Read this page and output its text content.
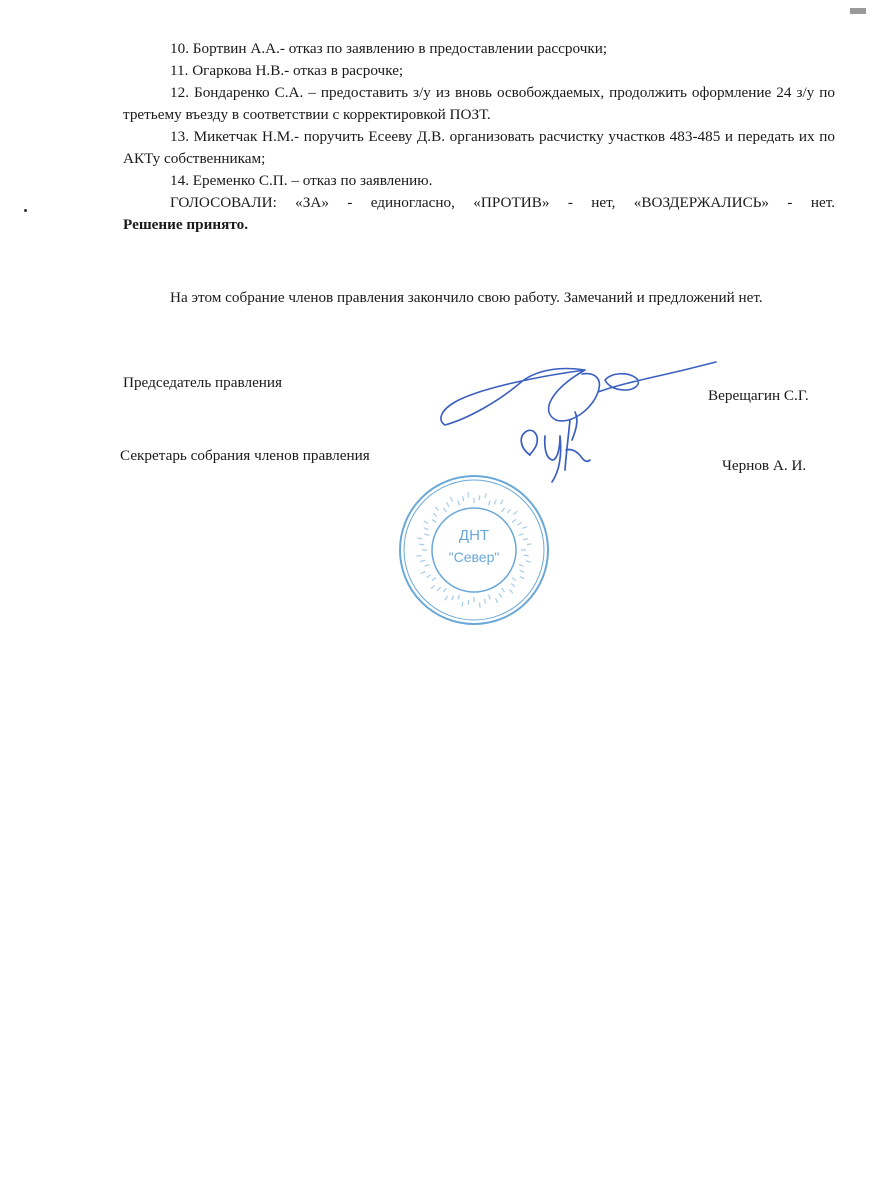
10. Бортвин А.А.- отказ по заявлению в предоставлении рассрочки;

11. Огаркова Н.В.- отказ в расрочке;

12. Бондаренко С.А. – предоставить з/у из вновь освобождаемых, продолжить оформление 24 з/у по третьему въезду в соответствии с корректировкой ПОЗТ.

13. Микетчак Н.М.- поручить Есееву Д.В. организовать расчистку участков 483-485 и передать их по АКТу собственникам;

14. Еременко С.П. – отказ по заявлению.

ГОЛОСОВАЛИ: «ЗА» - единогласно, «ПРОТИВ» - нет, «ВОЗДЕРЖАЛИСЬ» - нет.

Решение принято.

На этом собрание членов правления закончило свою работу. Замечаний и предложений нет.

Председатель правления
Верещагин С.Г.
Секретарь собрания членов правления
Чернов А. И.
ДНТ
"Север"
